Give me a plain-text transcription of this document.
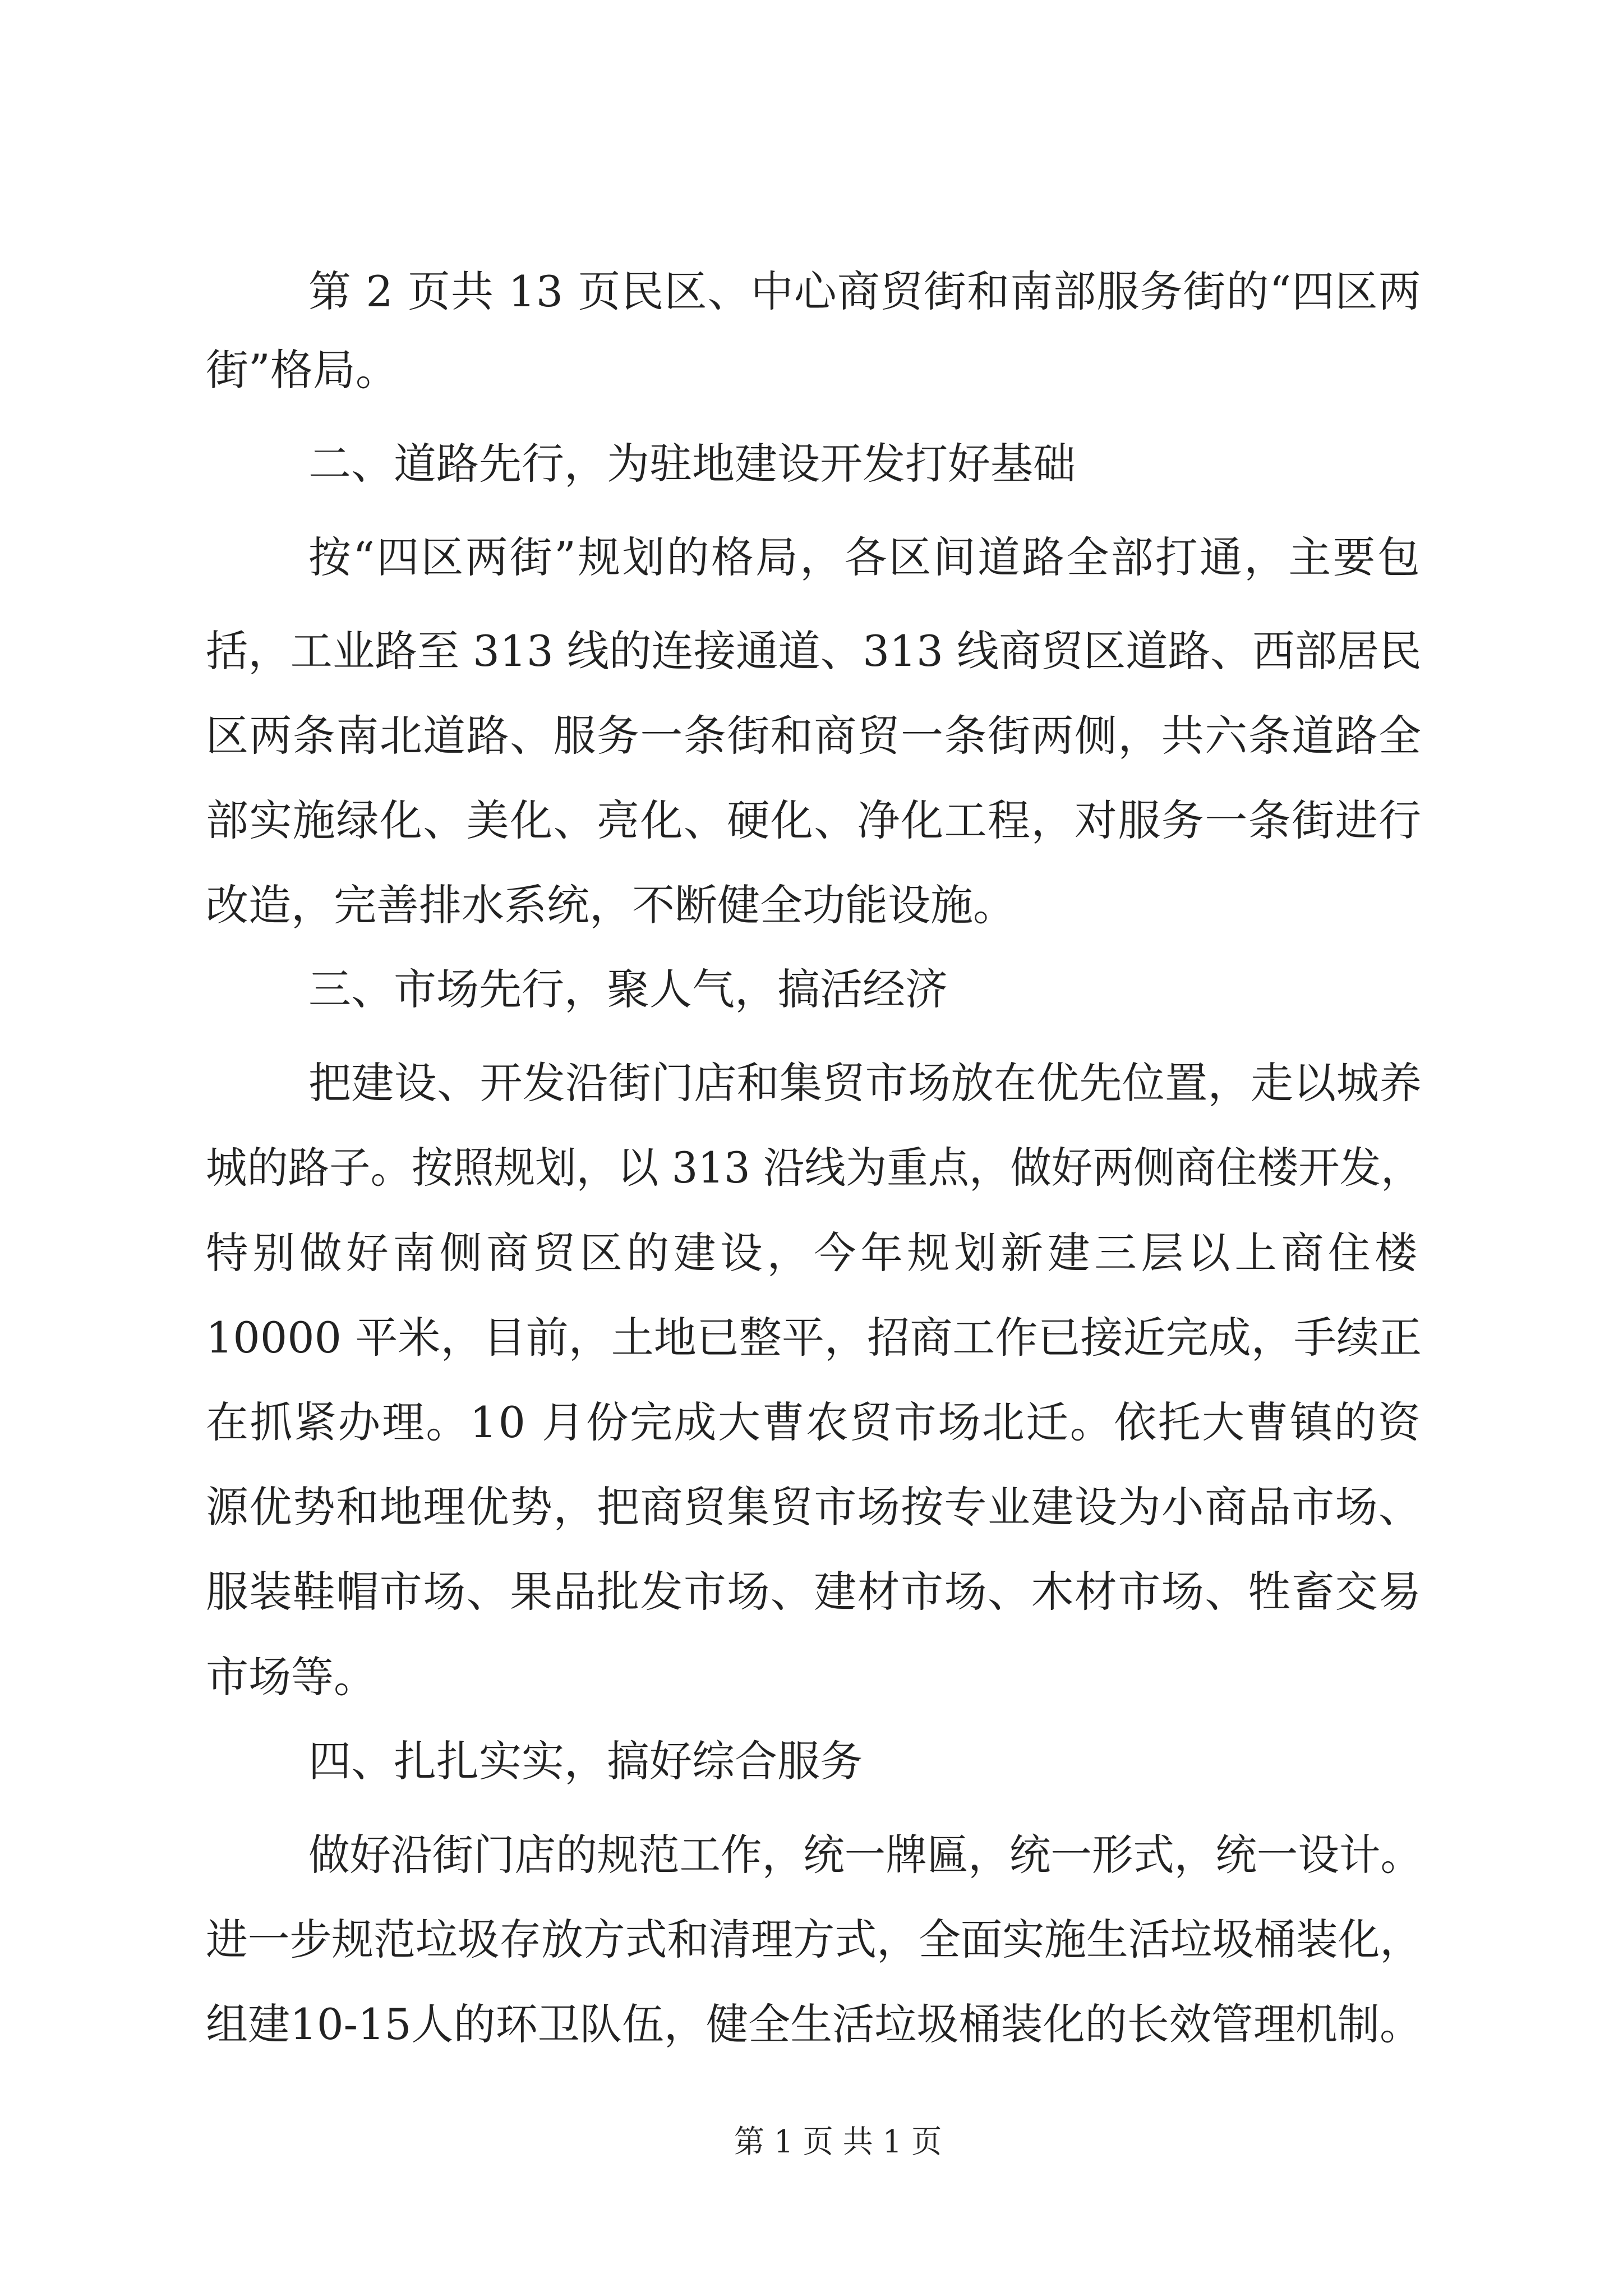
第 2 页共 13 页民区、中心商贸街和南部服务街的“四区两
街”格局。
二、道路先行，为驻地建设开发打好基础
按“四区两街”规划的格局，各区间道路全部打通，主要包
括，工业路至 313 线的连接通道、313 线商贸区道路、西部居民
区两条南北道路、服务一条街和商贸一条街两侧，共六条道路全
部实施绿化、美化、亮化、硬化、净化工程，对服务一条街进行
改造，完善排水系统，不断健全功能设施。
三、市场先行，聚人气，搞活经济
把建设、开发沿街门店和集贸市场放在优先位置，走以城养
城的路子。按照规划，以 313 沿线为重点，做好两侧商住楼开发，
特别做好南侧商贸区的建设，今年规划新建三层以上商住楼
10000 平米，目前，土地已整平，招商工作已接近完成，手续正
在抓紧办理。10 月份完成大曹农贸市场北迁。依托大曹镇的资
源优势和地理优势，把商贸集贸市场按专业建设为小商品市场、
服装鞋帽市场、果品批发市场、建材市场、木材市场、牲畜交易
市场等。
四、扎扎实实，搞好综合服务
做好沿街门店的规范工作，统一牌匾，统一形式，统一设计。
进一步规范垃圾存放方式和清理方式，全面实施生活垃圾桶装化，
组建10-15人的环卫队伍，健全生活垃圾桶装化的长效管理机制。
第 1 页 共 1 页
